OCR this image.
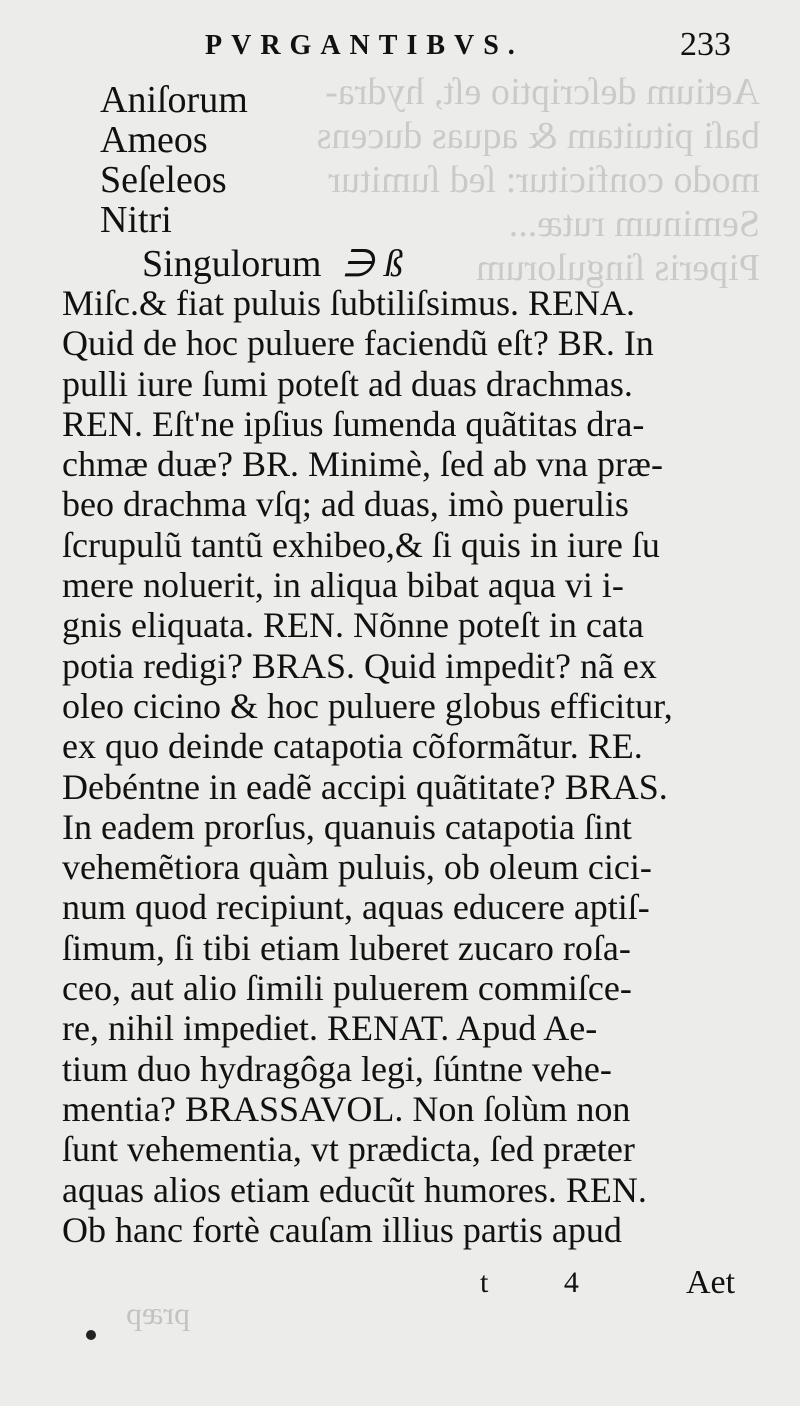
Aetium deſcriptio eſt, hydra-
baſi pituitam & aquas ducens
modo conficitur: ſed ſumitur
Seminum rutæ...
Piperis ſingulorum
præp
PVRGANTIBVS.	233
Aniſorum
Ameos
Seſeleos
Nitri
Singulorum ∋ ß
Miſc.& fiat puluis ſubtiliſsimus. RENA.
Quid de hoc puluere faciendũ eſt? BR. In
pulli iure ſumi poteſt ad duas drachmas.
REN. Eſt'ne ipſius ſumenda quãtitas dra-
chmæ duæ? BR. Minimè, ſed ab vna præ-
beo drachma vſq; ad duas, imò puerulis
ſcrupulũ tantũ exhibeo,& ſi quis in iure ſu
mere noluerit, in aliqua bibat aqua vi i-
gnis eliquata. REN. Nõnne poteſt in cata
potia redigi? BRAS. Quid impedit? nã ex
oleo cicino & hoc puluere globus efficitur,
ex quo deinde catapotia cõformãtur. RE.
Debéntne in eadẽ accipi quãtitate? BRAS.
In eadem prorſus, quanuis catapotia ſint
vehemẽtiora quàm puluis, ob oleum cici-
num quod recipiunt, aquas educere aptiſ-
ſimum, ſi tibi etiam luberet zucaro roſa-
ceo, aut alio ſimili puluerem commiſce-
re, nihil impediet. RENAT. Apud Ae-
tium duo hydragôga legi, ſúntne vehe-
mentia? BRASSAVOL. Non ſolùm non
ſunt vehementia, vt prædicta, ſed præter
aquas alios etiam educũt humores. REN.
Ob hanc fortè cauſam illius partis apud
t 4 Aet
